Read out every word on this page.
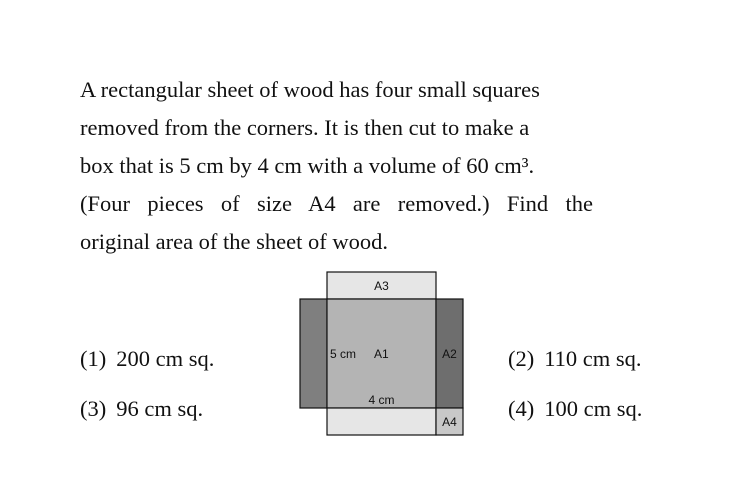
A rectangular sheet of wood has four small squares
removed from the corners. It is then cut to make a
box that is 5 cm by 4 cm with a volume of 60 cm³.
(Four pieces of size A4 are removed.) Find the
original area of the sheet of wood.
A3
5 cm A1	A2
4 cm
A4
(1) 200 cm sq.	(2) 110 cm sq.
(3) 96 cm sq.	(4) 100 cm sq.
